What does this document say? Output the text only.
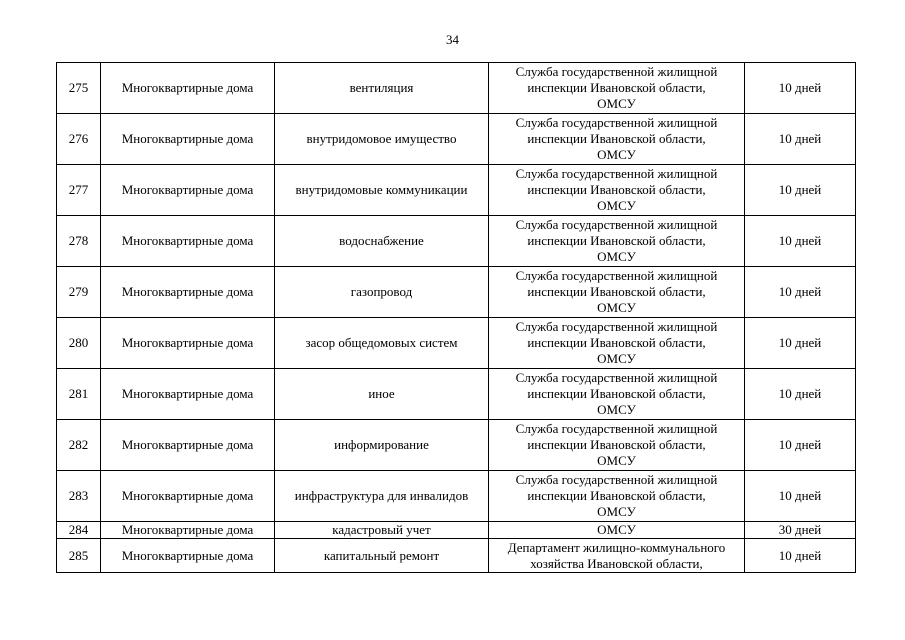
34
275	Многоквартирные дома	вентиляция	Служба государственной жилищной
инспекции Ивановской области,
ОМСУ	10 дней
276	Многоквартирные дома	внутридомовое имущество	Служба государственной жилищной
инспекции Ивановской области,
ОМСУ	10 дней
277	Многоквартирные дома	внутридомовые коммуникации	Служба государственной жилищной
инспекции Ивановской области,
ОМСУ	10 дней
278	Многоквартирные дома	водоснабжение	Служба государственной жилищной
инспекции Ивановской области,
ОМСУ	10 дней
279	Многоквартирные дома	газопровод	Служба государственной жилищной
инспекции Ивановской области,
ОМСУ	10 дней
280	Многоквартирные дома	засор общедомовых систем	Служба государственной жилищной
инспекции Ивановской области,
ОМСУ	10 дней
281	Многоквартирные дома	иное	Служба государственной жилищной
инспекции Ивановской области,
ОМСУ	10 дней
282	Многоквартирные дома	информирование	Служба государственной жилищной
инспекции Ивановской области,
ОМСУ	10 дней
283	Многоквартирные дома	инфраструктура для инвалидов	Служба государственной жилищной
инспекции Ивановской области,
ОМСУ	10 дней
284	Многоквартирные дома	кадастровый учет	ОМСУ	30 дней
285	Многоквартирные дома	капитальный ремонт	Департамент жилищно-коммунального
хозяйства Ивановской области,	10 дней
